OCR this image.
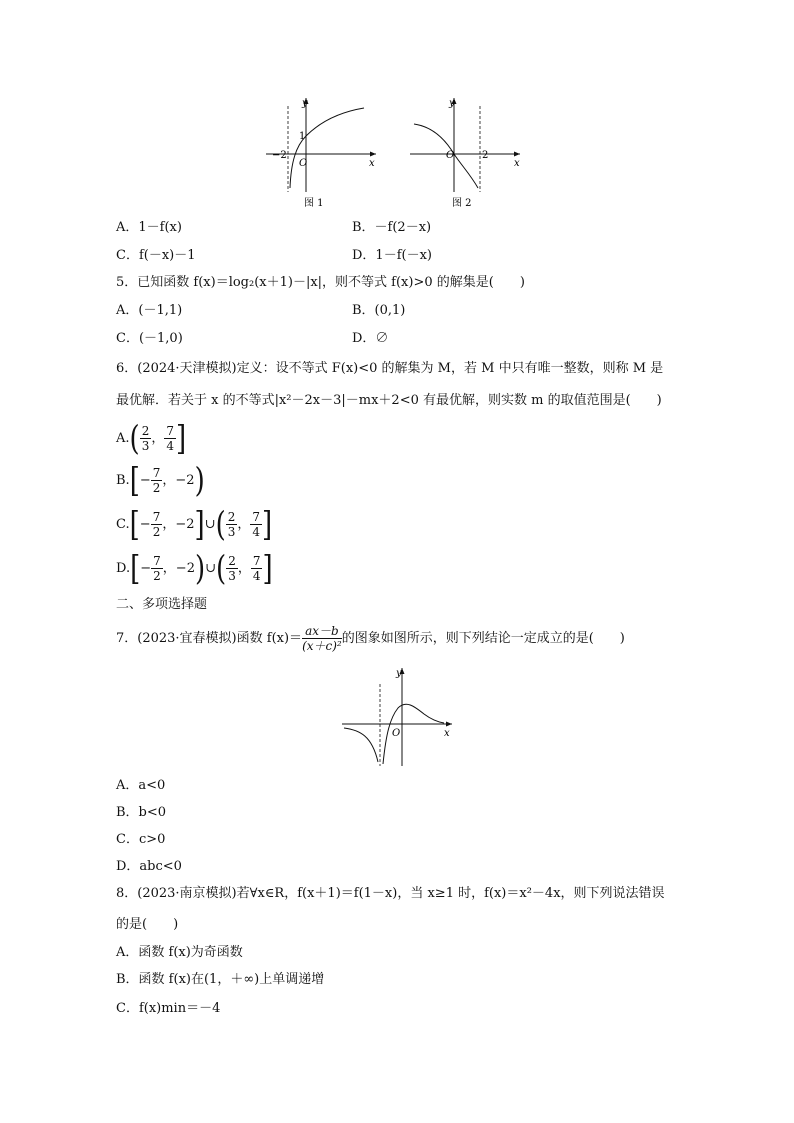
y
x
O
−2
1
图 1
y
x
O	2
图 2
A．1－f(x)	B．－f(2－x)
C．f(－x)－1	D．1－f(－x)
5．已知函数 f(x)＝log₂(x＋1)－|x|，则不等式 f(x)>0 的解集是(　　)
A．(－1,1)	B．(0,1)
C．(－1,0)	D．∅
6．(2024·天津模拟)定义：设不等式 F(x)<0 的解集为 M，若 M 中只有唯一整数，则称 M 是
最优解．若关于 x 的不等式|x²－2x－3|－mx＋2<0 有最优解，则实数 m 的取值范围是(　　)
$A.( \frac{2}{3}$ ， $\frac{7}{4}$ ]
$B.[- \frac{7}{2}$ ，−2)
$C.[- \frac{7}{2}$ ，−2]∪( $\frac{2}{3}$ ， $\frac{7}{4}$ ]
$D.[- \frac{7}{2}$ ，−2)∪( $\frac{2}{3}$ ， $\frac{7}{4}$ ]
二、多项选择题
7．(2023·宜春模拟)函数 $f(x)= \frac{ax-b}{\text{(x＋c)²}}$ 的图象如图所示，则下列结论一定成立的是(　　)
y
x
O
A．a<0
B．b<0
C．c>0
D．abc<0
8．(2023·南京模拟)若∀x∈R，f(x＋1)＝f(1－x)，当 x≥1 时，f(x)＝x²－4x，则下列说法错误
的是(　　)
A．函数 f(x)为奇函数
B．函数 f(x)在(1，＋∞)上单调递增
C．f(x)min＝－4
